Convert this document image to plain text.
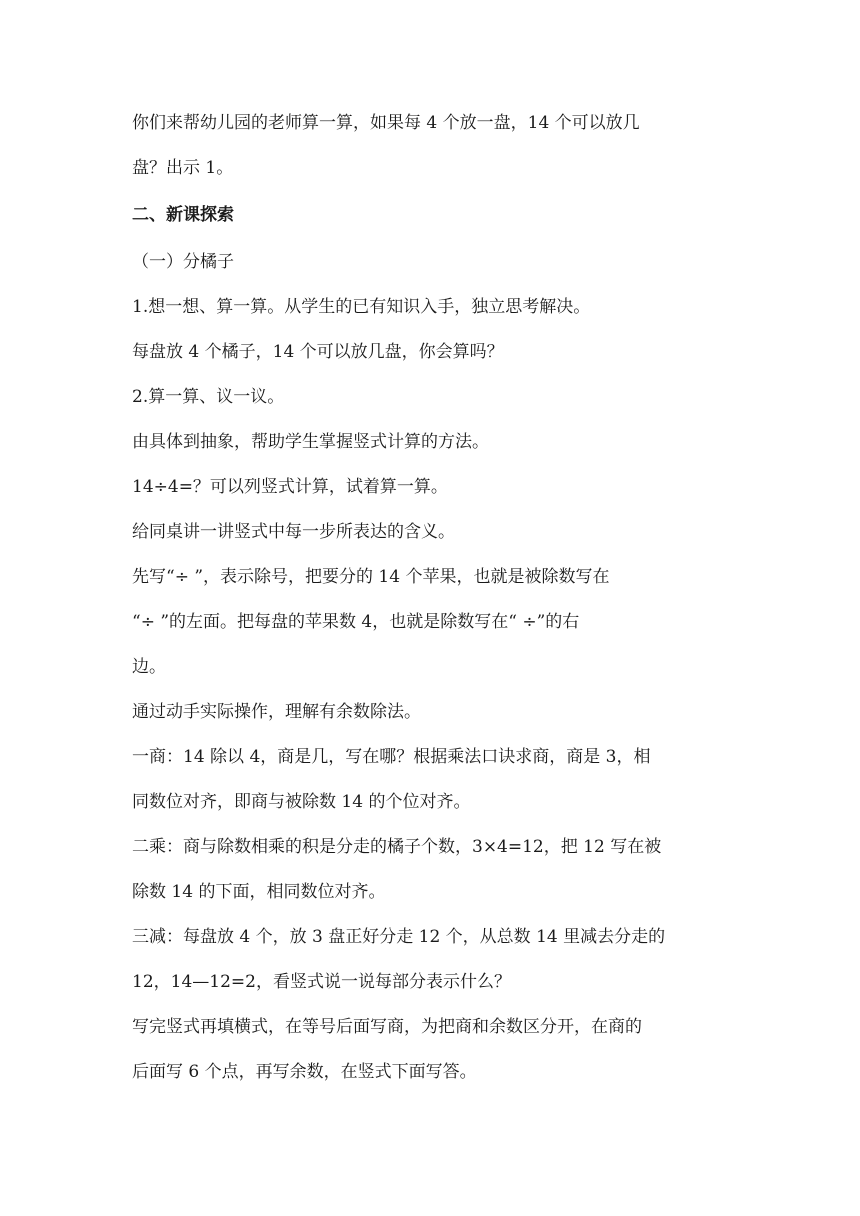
你们来帮幼儿园的老师算一算，如果每 4 个放一盘，14 个可以放几

盘？出示 1。

二、新课探索

（一）分橘子

1.想一想、算一算。从学生的已有知识入手，独立思考解决。

每盘放 4 个橘子，14 个可以放几盘，你会算吗？

2.算一算、议一议。

由具体到抽象，帮助学生掌握竖式计算的方法。

14÷4=？可以列竖式计算，试着算一算。

给同桌讲一讲竖式中每一步所表达的含义。

先写“÷ ”，表示除号，把要分的 14 个苹果，也就是被除数写在

“÷ ”的左面。把每盘的苹果数 4，也就是除数写在“ ÷”的右

边。

通过动手实际操作，理解有余数除法。

一商：14 除以 4，商是几，写在哪？根据乘法口诀求商，商是 3，相

同数位对齐，即商与被除数 14 的个位对齐。

二乘：商与除数相乘的积是分走的橘子个数，3×4=12，把 12 写在被

除数 14 的下面，相同数位对齐。

三减：每盘放 4 个，放 3 盘正好分走 12 个，从总数 14 里减去分走的

12，14—12=2，看竖式说一说每部分表示什么？

写完竖式再填横式，在等号后面写商，为把商和余数区分开，在商的

后面写 6 个点，再写余数，在竖式下面写答。
